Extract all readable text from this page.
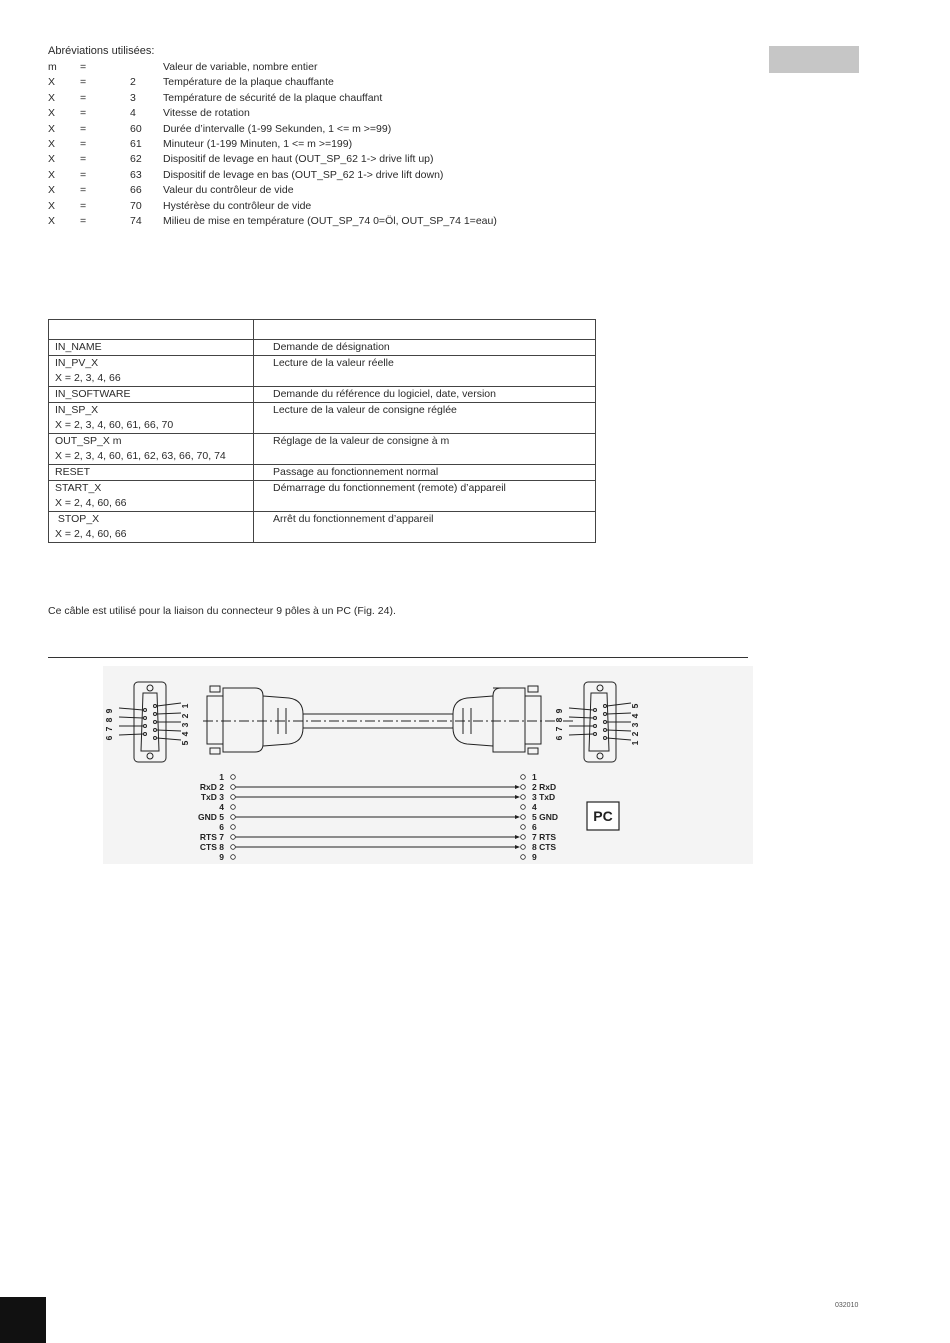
Abréviations utilisées:
m =	Valeur de variable, nombre entier
X =	2	Température de la plaque chauffante
X =	3	Température de sécurité de la plaque chauffant
X =	4	Vitesse de rotation
X =	60 Durée d’intervalle (1-99 Sekunden, 1 <= m >=99)
X =	61 Minuteur (1-199 Minuten, 1 <= m >=199)
X =	62 Dispositif de levage en haut (OUT_SP_62 1-> drive lift up)
X =	63 Dispositif de levage en bas (OUT_SP_62 1-> drive lift down)
X =	66 Valeur du contrôleur de vide
X =	70 Hystérèse du contrôleur de vide
X =	74 Milieu de mise en température (OUT_SP_74 0=Öl, OUT_SP_74 1=eau)

IN_NAME	Demande de désignation

IN_PV_X
X = 2, 3, 4, 66	Lecture de la valeur réelle

IN_SOFTWARE	Demande du référence du logiciel, date, version

IN_SP_X
X = 2, 3, 4, 60, 61, 66, 70	Lecture de la valeur de consigne réglée

OUT_SP_X m
X = 2, 3, 4, 60, 61, 62, 63, 66, 70, 74	Réglage de la valeur de consigne à m

RESET	Passage au fonctionnement normal

START_X
X = 2, 4, 60, 66	Démarrage du fonctionnement (remote) d’appareil

STOP_X
X = 2, 4, 60, 66	Arrêt du fonctionnement d’appareil
Ce câble est utilisé pour la liaison du connecteur 9 pôles à un PC (Fig. 24).
PC
1	1
RxD 2	2 RxD
TxD 3	3 TxD
4	4
GND 5	5 GND
6	6
RTS 7	7 RTS
CTS 8	8 CTS
9	9
1
2
3
4
5
6
7
8
9	9
8
7
6
5
4
3
2
1
032010
